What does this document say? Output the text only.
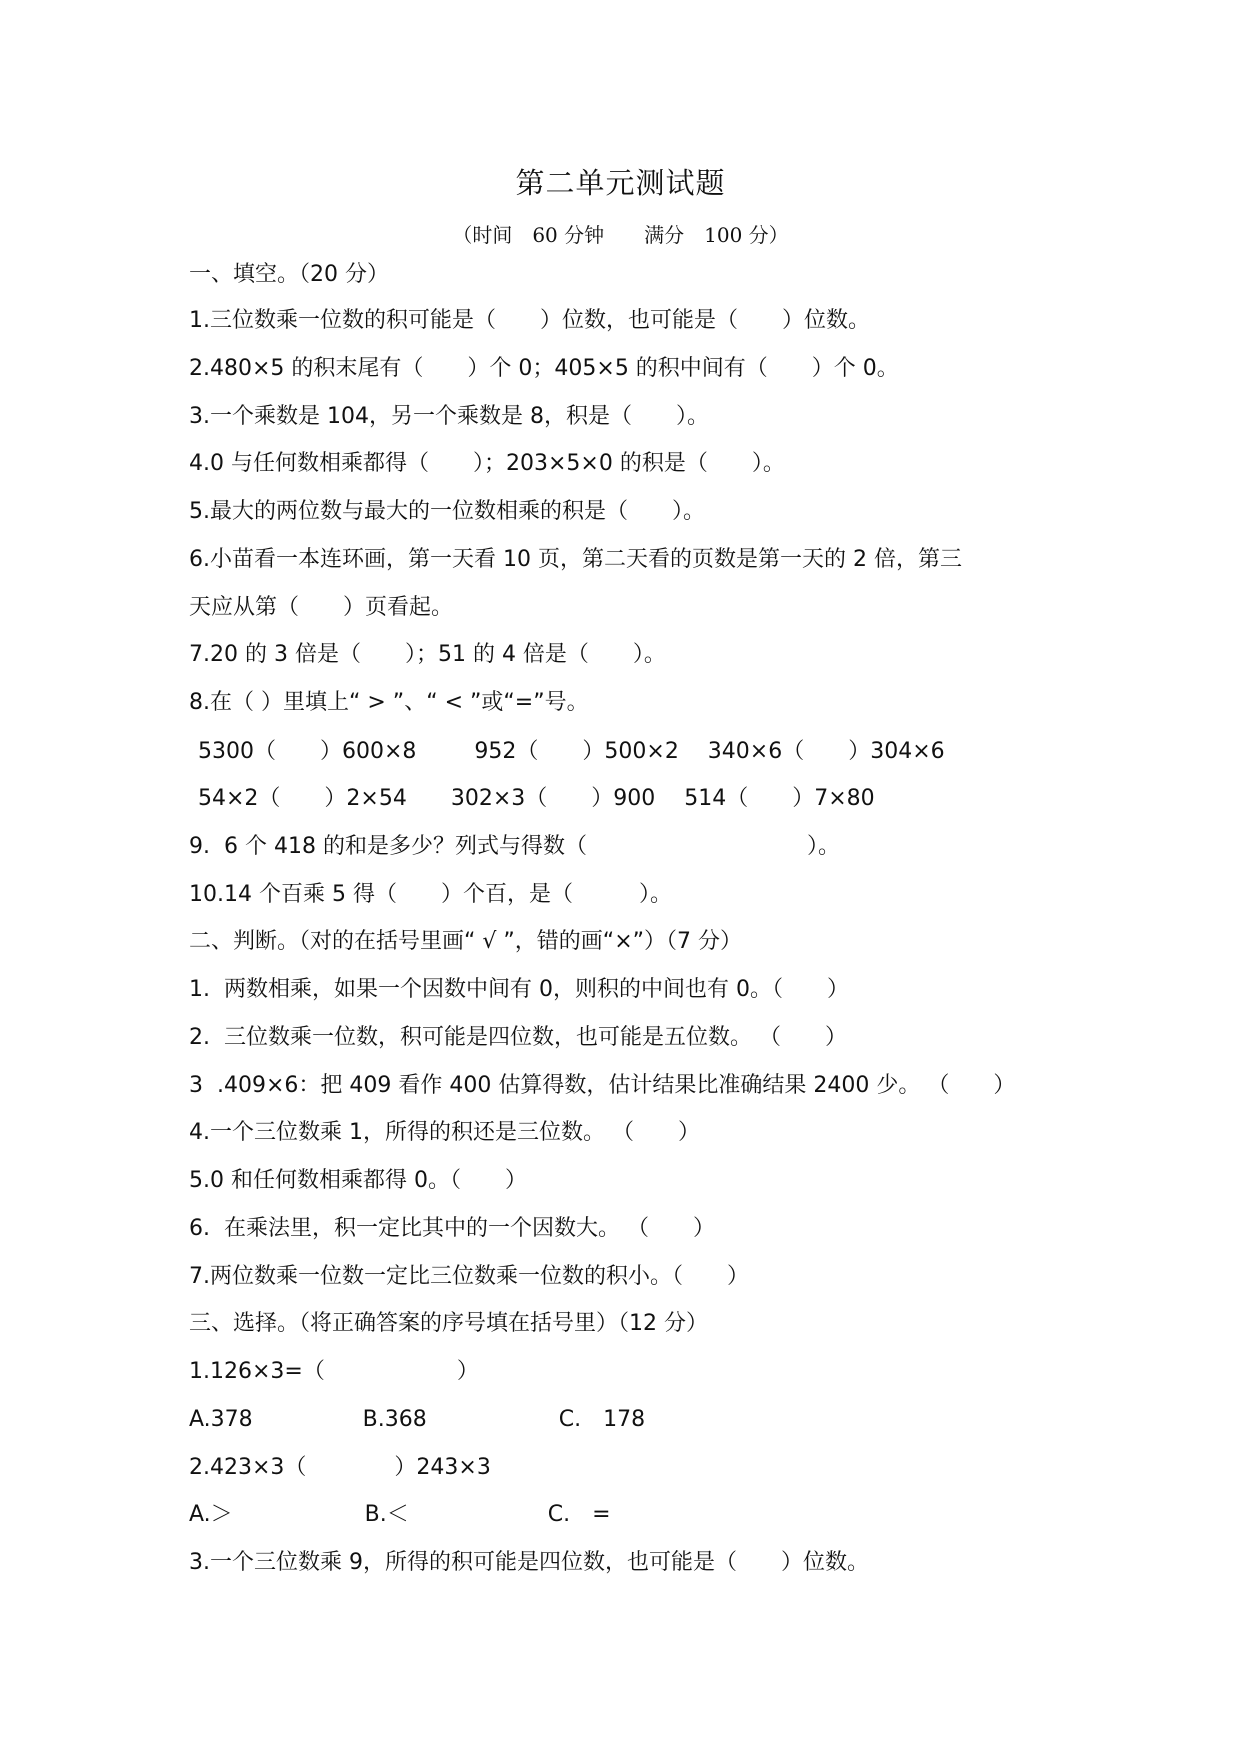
第二单元测试题
（时间　60 分钟　　满分　100 分）

一、填空。（20 分）

1.三位数乘一位数的积可能是（　　）位数，也可能是（　　）位数。

2.480×5 的积末尾有（　　）个 0；405×5 的积中间有（　　）个 0。

3.一个乘数是 104，另一个乘数是 8，积是（　　）。

4.0 与任何数相乘都得（　　）；203×5×0 的积是（　　）。

5.最大的两位数与最大的一位数相乘的积是（　　）。

6.小苗看一本连环画，第一天看 10 页，第二天看的页数是第一天的 2 倍，第三

天应从第（　　）页看起。

7.20 的 3 倍是（　　）；51 的 4 倍是（　　）。

8.在（ ）里填上“ > ”、“ < ”或“=”号。

5300（　　）600×8　　  952（　　）500×2　 340×6（　　）304×6

54×2（　　）2×54　　302×3（　　）900　 514（　　）7×80

9.  6 个 418 的和是多少？列式与得数（　　　　　　　　　　）。

10.14 个百乘 5 得（　　）个百，是（　　　）。

二、判断。（对的在括号里画“ √ ”，错的画“×”）（7 分）

1.  两数相乘，如果一个因数中间有 0，则积的中间也有 0。（　　）

2.  三位数乘一位数，积可能是四位数，也可能是五位数。 （　　）

3  .409×6：把 409 看作 400 估算得数，估计结果比准确结果 2400 少。 （　　）

4.一个三位数乘 1，所得的积还是三位数。 （　　）

5.0 和任何数相乘都得 0。（　　）

6.  在乘法里，积一定比其中的一个因数大。 （　　）

7.两位数乘一位数一定比三位数乘一位数的积小。（　　）

三、选择。（将正确答案的序号填在括号里）（12 分）

1.126×3=（　　　　　　）

A.378　　　　　B.368　　　　　　C.　178

2.423×3（　　　　）243×3

A.＞　　　　　　B.＜　　　　　　 C.　=

3.一个三位数乘 9，所得的积可能是四位数，也可能是（　　）位数。
